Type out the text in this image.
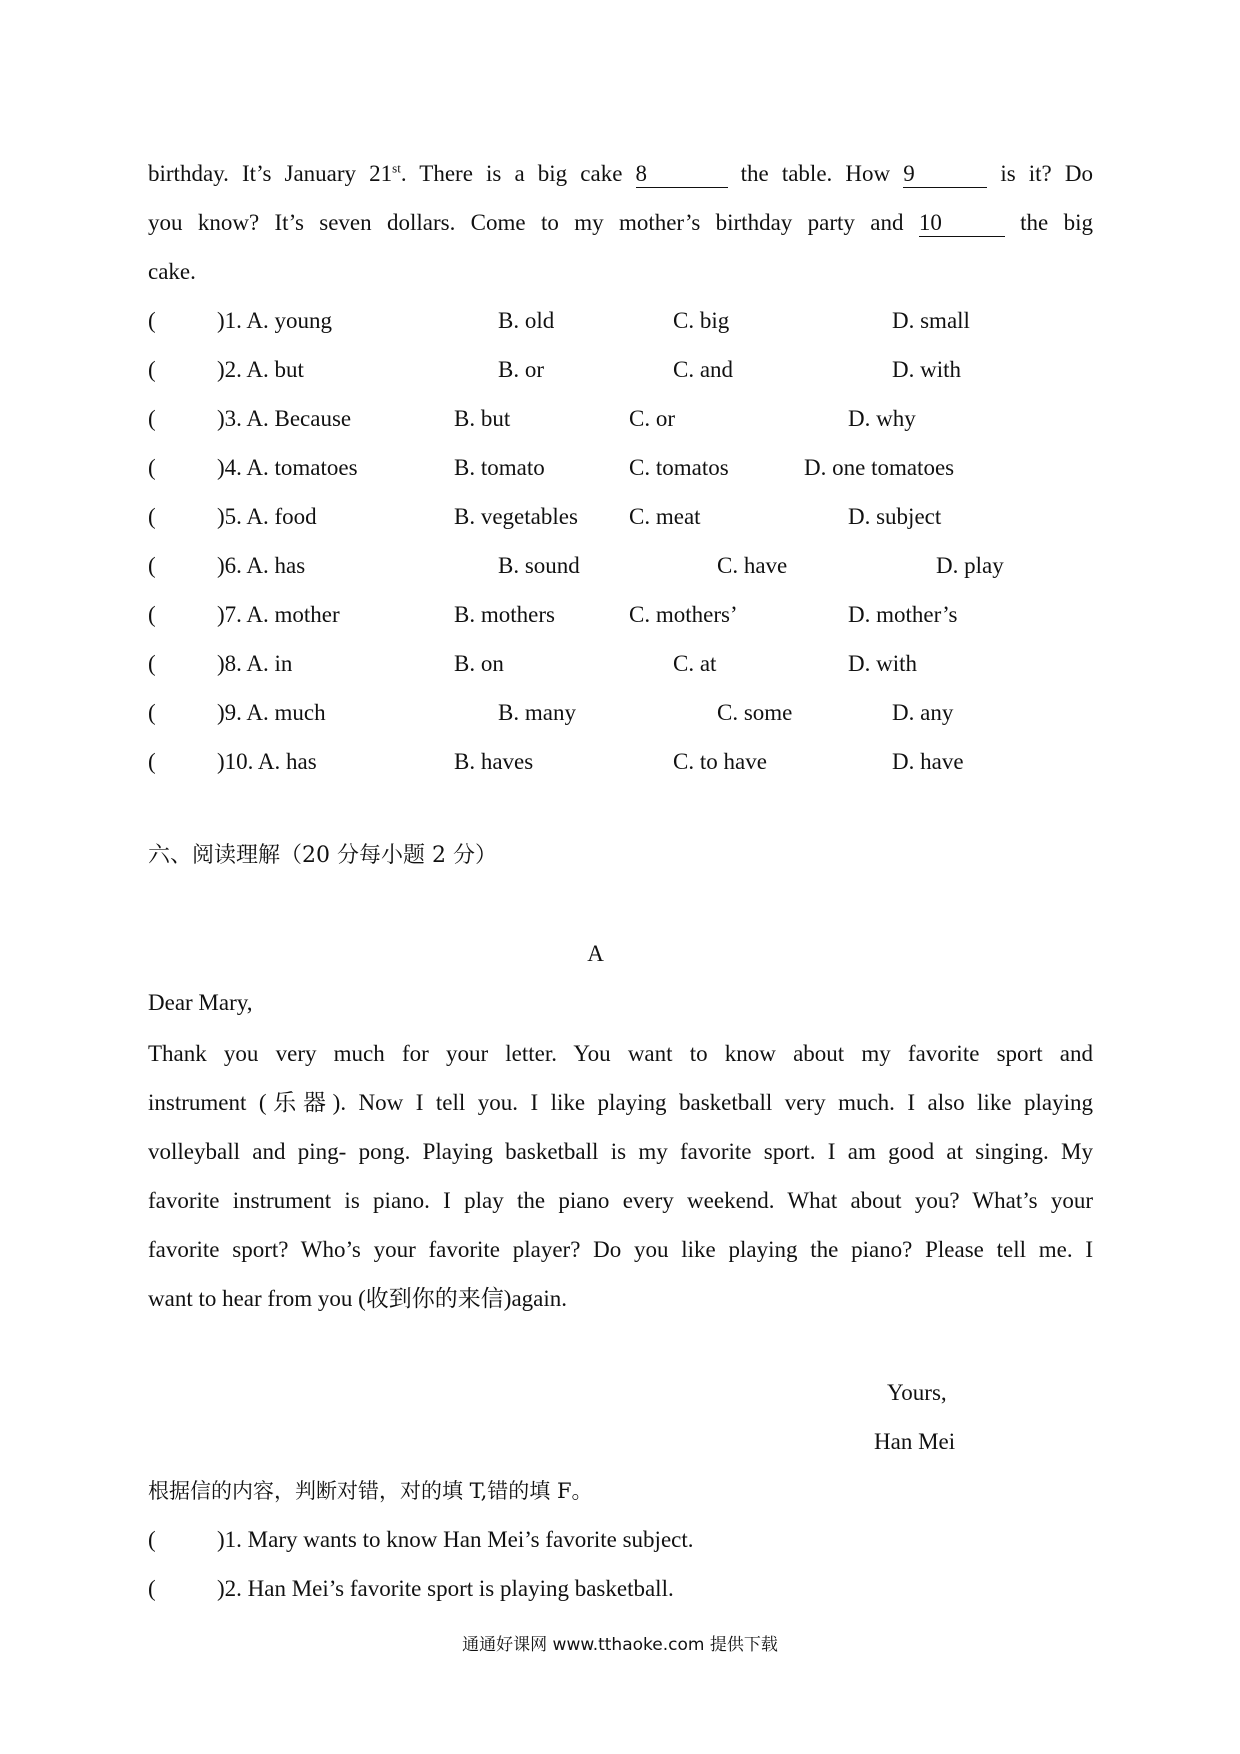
birthday. It’s January 21st. There is a big cake 8	the table. How 9	is it? Do
you know? It’s seven dollars. Come to my mother’s birthday party and 10	the big
cake.
(	)1. A. young	B. old	C. big	D. small
(	)2. A. but	B. or	C. and	D. with
(	)3. A. Because	B. but	C. or	D. why
(	)4. A. tomatoes	B. tomato	C. tomatos	D. one tomatoes
(	)5. A. food	B. vegetables C. meat	D. subject
(	)6. A. has	B. sound	C. have	D. play
(	)7. A. mother	B. mothers	C. mothers’	D. mother’s
(	)8. A. in	B. on	C. at	D. with
(	)9. A. much	B. many	C. some	D. any
(	)10. A. has	B. haves	C. to have	D. have
六、阅读理解（20 分每小题 2 分）
A
Dear Mary,
Thank you very much for your letter. You want to know about my favorite sport and
instrument (乐器). Now I tell you. I like playing basketball very much. I also like playing
volleyball and ping- pong. Playing basketball is my favorite sport. I am good at singing. My
favorite instrument is piano. I play the piano every weekend. What about you? What’s your
favorite sport? Who’s your favorite player? Do you like playing the piano? Please tell me. I
want to hear from you (收到你的来信)again.
Yours,
Han Mei
根据信的内容，判断对错，对的填 T,错的填 F。
(	)1. Mary wants to know Han Mei’s favorite subject.
(	)2. Han Mei’s favorite sport is playing basketball.
通通好课网 www.tthaoke.com 提供下载
